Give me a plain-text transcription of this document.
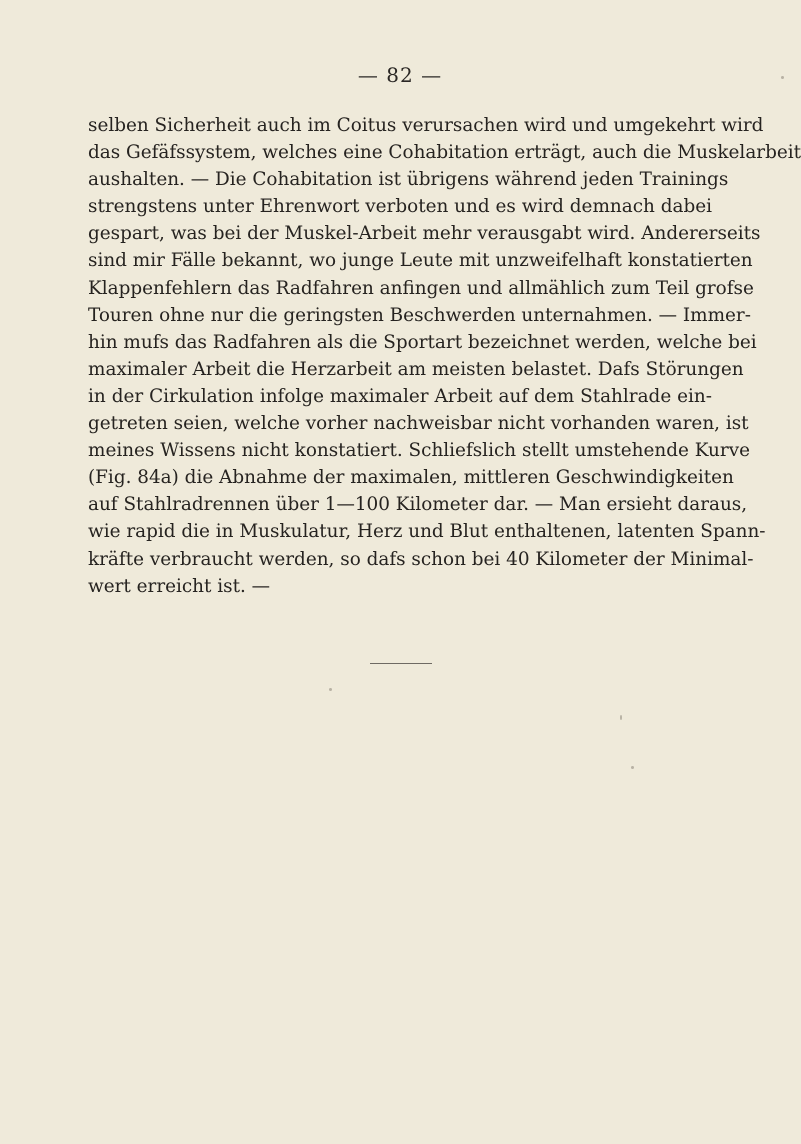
— 82 —
selben Sicherheit auch im Coitus verursachen wird und umgekehrt wird
das Gefäfssystem, welches eine Cohabitation erträgt, auch die Muskelarbeit
aushalten. — Die Cohabitation ist übrigens während jeden Trainings
strengstens unter Ehrenwort verboten und es wird demnach dabei
gespart, was bei der Muskel-Arbeit mehr verausgabt wird. Andererseits
sind mir Fälle bekannt, wo junge Leute mit unzweifelhaft konstatierten
Klappenfehlern das Radfahren anfingen und allmählich zum Teil grofse
Touren ohne nur die geringsten Beschwerden unternahmen. — Immer-
hin mufs das Radfahren als die Sportart bezeichnet werden, welche bei
maximaler Arbeit die Herzarbeit am meisten belastet. Dafs Störungen
in der Cirkulation infolge maximaler Arbeit auf dem Stahlrade ein-
getreten seien, welche vorher nachweisbar nicht vorhanden waren, ist
meines Wissens nicht konstatiert. Schliefslich stellt umstehende Kurve
(Fig. 84a) die Abnahme der maximalen, mittleren Geschwindigkeiten
auf Stahlradrennen über 1—100 Kilometer dar. — Man ersieht daraus,
wie rapid die in Muskulatur, Herz und Blut enthaltenen, latenten Spann-
kräfte verbraucht werden, so dafs schon bei 40 Kilometer der Minimal-
wert erreicht ist. —
